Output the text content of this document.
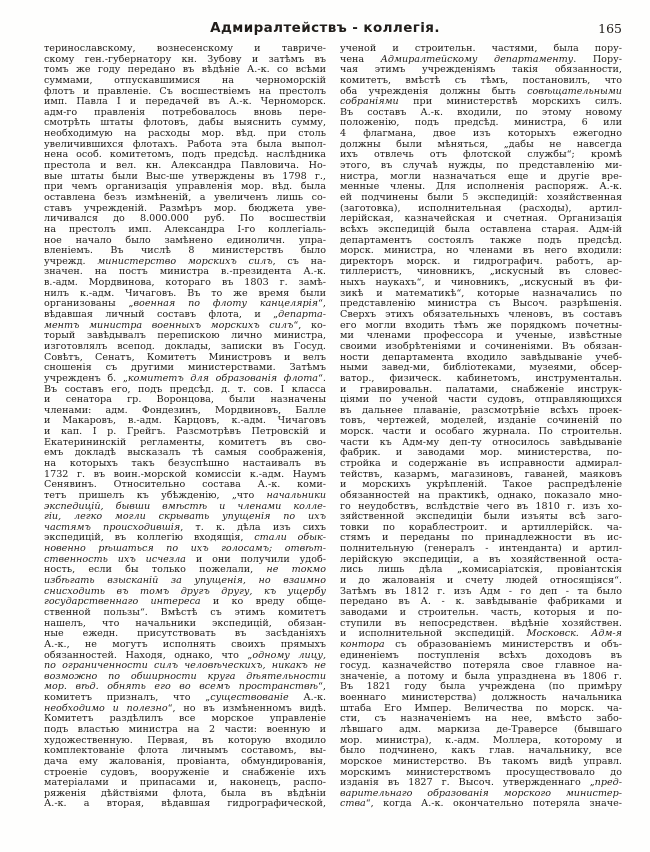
Адмиралтействъ - коллегія.	165
теринославскому, вознесенскому и тавриче-
скому ген.-губернатору кн. Зубову и затѣмъ въ
томъ же году передано въ вѣдѣніе А.-к. со всѣми
суммами, отпускавшимися на черноморскій
флотъ и правленіе. Съ восшествіемъ на престолъ
имп. Павла I и передачей въ А.-к. Черноморск.
адм-го правленія потребовалось вновь пере-
смотрѣть штаты флотовъ, дабы выяснить сумму,
необходимую на расходы мор. вѣд. при столь
увеличившихся флотахъ. Работа эта была выпол-
нена особ. комитетомъ, подъ предсѣд. наслѣдника
престола и вел. кн. Александра Павловича. Но-
вые штаты были Выс-ше утверждены въ 1798 г.,
при чемъ организація управленія мор. вѣд. была
оставлена безъ измѣненій, а увеличенъ лишь со-
ставъ учрежденій. Размѣръ мор. бюджета уве-
личивался до 8.000.000 руб. По восшествіи
на престолъ имп. Александра I-го коллегіаль-
ное начало было замѣнено единоличн. упра-
вленіемъ. Въ числѣ 8 министерствъ было
учрежд. министерство морскихъ силъ, съ на-
значен. на постъ министра в.-президента А.-к.
в.-адм. Мордвинова, котораго въ 1803 г. замѣ-
нилъ к.-адм. Чичаговъ. Въ то же время были
организованы „военная по флоту канцелярія“,
вѣдавшая личный составъ флота, и „департа-
ментъ министра военныхъ морскихъ силъ“, ко-
торый завѣдывалъ перепискою лично министра,
изготовлялъ всепод. доклады, записки въ Госуд.
Совѣтъ, Сенатъ, Комитетъ Министровъ и велъ
сношенія съ другими министерствами. Затѣмъ
учрежденъ б. „комитетъ для образованія флота“.
Въ составъ его, подъ предсѣд. д. т. сов. I класса
и сенатора гр. Воронцова, были назначены
членами: адм. Фондезинъ, Мордвиновъ, Балле
и Макаровъ, в.-адм. Карцовъ, к.-адм. Чичаговъ
и кап. I р. Грейгъ. Разсмотрѣвъ Петровскій и
Екатерининскій регламенты, комитетъ въ сво-
емъ докладѣ высказалъ тѣ самыя соображенія,
на которыхъ такъ безуспѣшно настаивалъ въ
1732 г. въ воин.-морской комиссіи к.-адм. Наумъ
Сенявинъ. Относительно состава А.-к. коми-
тетъ пришелъ къ убѣжденію, „что начальники
экспедицій, бывши вмѣстѣ и членами колле-
гіи, легко могли скрывать упущенія по ихъ
частямъ происходившія, т. к. дѣла изъ сихъ
экспедицій, въ коллегію входящія, стали обык-
новенно рѣшаться по ихъ голосамъ; отвѣт-
ственность ихъ исчезла и они получили удоб-
ность, если бы только пожелали, не токмо
избѣгать взысканій за упущенія, но взаимно
снисходить въ томъ другъ другу, къ ущербу
государственнаго интереса и ко вреду обще-
ственной пользы“. Вмѣстѣ съ этимъ комитетъ
нашелъ, что начальники экспедицій, обязан-
ные ежедн. присутствовать въ засѣданіяхъ
А.-к., не могутъ исполнять своихъ прямыхъ
обязанностей. Находя, однако, что „одному лицу,
по ограниченности силъ человѣческихъ, никакъ не
возможно по обширности круга дѣятельности
мор. вѣд. обнять его во всемъ пространствѣ“,
комитетъ призналъ, что „существованіе А.-к.
необходимо и полезно“, но въ измѣненномъ видѣ.
Комитетъ раздѣлилъ все морское управленіе
подъ властью министра на 2 части: военную и
художественную. Первая, въ которую входило
комплектованіе флота личнымъ составомъ, вы-
дача ему жалованія, провіанта, обмундированія,
строеніе судовъ, вооруженіе и снабженіе ихъ
матеріалами и припасами и, наконецъ, распо-
ряженія дѣйствіями флота, была въ вѣдѣніи
А.-к. а вторая, вѣдавшая гидрографической,
ученой и строительн. частями, была пору-
чена Адмиралтейскому департаменту. Пору-
чая этимъ учрежденіямъ такія обязанности,
комитетъ, вмѣстѣ съ тѣмъ, постановилъ, что
оба учрежденія должны быть совѣщательными
собраніями при министерствѣ морскихъ силъ.
Въ составъ А.-к. входили, по этому новому
положенію, подъ предсѣд. министра, 6 или
4 флагмана, двое изъ которыхъ ежегодно
должны были мѣняться, „дабы не навсегда
ихъ отвлечь отъ флотской службы“; кромѣ
этого, въ случаѣ нужды, по представленію ми-
нистра, могли назначаться еще и другіе вре-
менные члены. Для исполненія распоряж. А.-к.
ей подчинены были 5 экспедицій: хозяйственная
(заготовка), исполнительная (расходы), артил-
лерійская, казначейская и счетная. Организація
всѣхъ экспедицій была оставлена старая. Адм-ій
департаментъ состоялъ также подъ предсѣд.
морск. министра, но членами въ него входили:
директоръ морск. и гидрографич. работъ, ар-
тиллеристъ, чиновникъ, „искусный въ словес-
ныхъ наукахъ“, и чиновникъ, „искусный въ фи-
зикѣ и математикѣ“, которые назначались по
представленію министра съ Высоч. разрѣшенія.
Сверхъ этихъ обязательныхъ членовъ, въ составъ
его могли входить тѣмъ же порядкомъ почетны-
ми членами профессора и ученые, извѣстные
своими изобрѣтеніями и сочиненіями. Въ обязан-
ности департамента входило завѣдываніе учеб-
ными завед-ми, библіотеками, музеями, обсер-
ватор., физическ. кабинетомъ, инструментальн.
и гравировальн. палатами, снабженіе инструк-
ціями по ученой части судовъ, отправляющихся
въ дальнее плаваніе, разсмотрѣніе всѣхъ проек-
товъ, чертежей, моделей, изданіе сочиненій по
морск. части и особаго журнала. По строительн.
части къ Адм-му деп-ту относилось завѣдываніе
фабрик. и заводами мор. министерства, по-
стройка и содержаніе въ исправности адмирал-
тействъ, казармъ, магазиновъ, гаваней, маяковъ
и морскихъ укрѣпленій. Такое распредѣленіе
обязанностей на практикѣ, однако, показало мно-
го неудобствъ, вслѣдствіе чего въ 1810 г. изъ хо-
зяйственной экспедиціи были изъяты всѣ заго-
товки по кораблестроит. и артиллерійск. ча-
стямъ и переданы по принадлежности въ ис-
полнительную (генералъ - интенданта) и артил-
лерійскую экспедиціи, а въ хозяйственной оста-
лись лишь дѣла „комисаріатскія, провіантскія
и до жалованія и счету людей относящіяся“.
Затѣмъ въ 1812 г. изъ Адм - го деп - та было
передано въ А. - к. завѣдываніе фабриками и
заводами и строительн. часть, которыя и по-
ступили въ непосредствен. вѣдѣніе хозяйствен.
и исполнительной экспедицій. Московск. Адм-я
контора съ образованіемъ министерствъ и объ-
единеніемъ поступленія всѣхъ доходовъ въ
госуд. казначейство потеряла свое главное на-
значеніе, а потому и была упразднена въ 1806 г.
Въ 1821 году была учреждена (по примѣру
военнаго министерства) должность начальника
штаба Его Импер. Величества по морск. ча-
сти, съ назначеніемъ на нее, вмѣсто забо-
лѣвшаго адм. маркиза де-Траверсе (бывшаго
мор. министра), к.-адм. Моллера, которому и
было подчинено, какъ глав. начальнику, все
морское министерство. Въ такомъ видѣ управл.
морскимъ министерствомъ просуществовало до
изданія въ 1827 г. Высоч. утвержденнаго „пред-
варительнаго образованія морского министер-
ства“, когда А.-к. окончательно потеряла значе-
